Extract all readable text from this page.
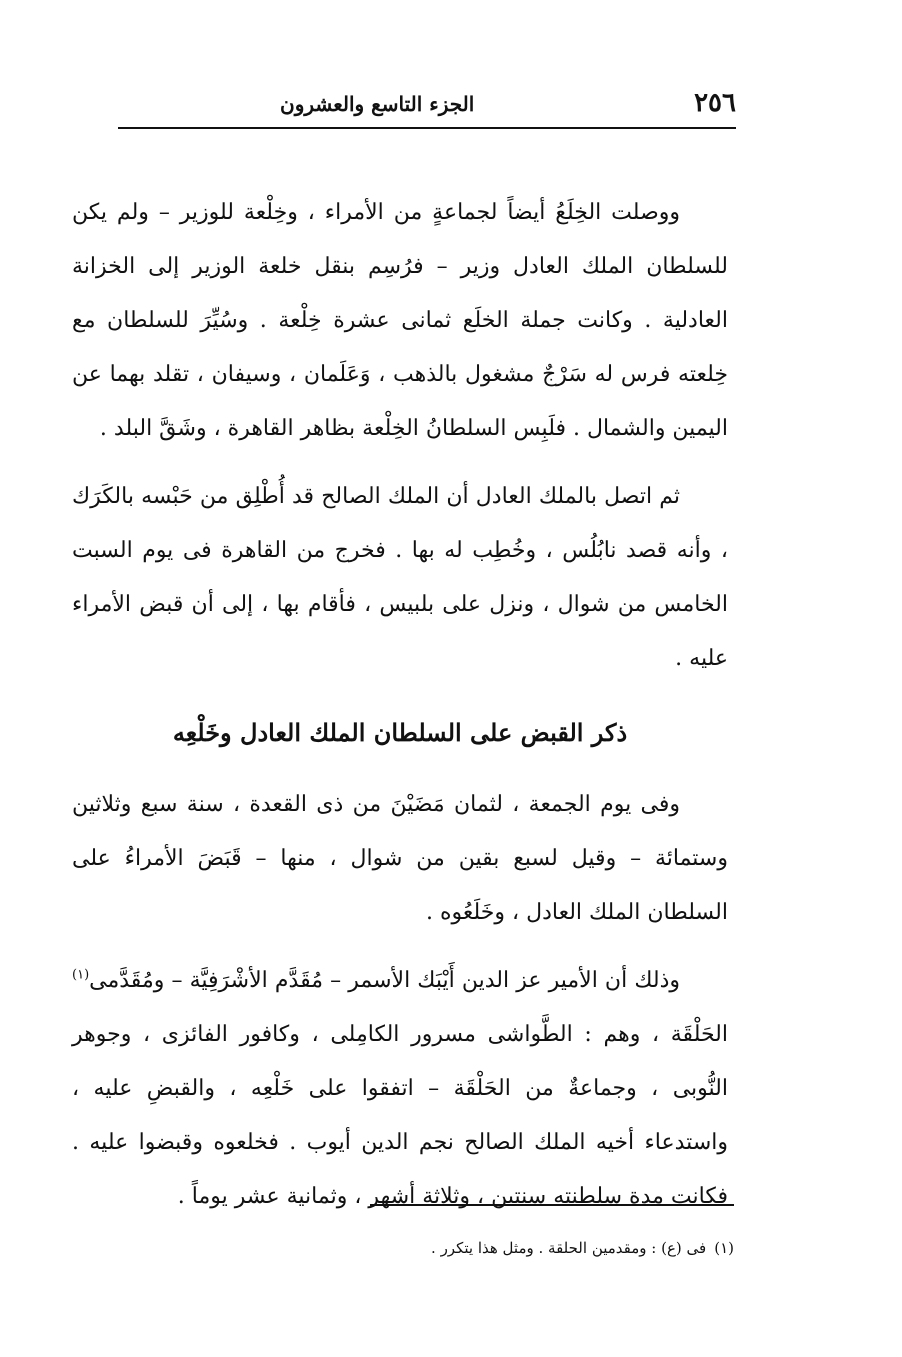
٢٥٦
الجزء التاسع والعشرون

ووصلت الخِلَعُ أيضاً لجماعةٍ من الأمراء ، وخِلْعة للوزير – ولم يكن للسلطان الملك العادل وزير – فرُسِم بنقل خلعة الوزير إلى الخزانة العادلية . وكانت جملة الخلَع ثمانى عشرة خِلْعة . وسُيِّرَ للسلطان مع خِلعته فرس له سَرْجٌ مشغول بالذهب ، وَعَلَمان ، وسيفان ، تقلد بهما عن اليمين والشمال . فلَبِس السلطانُ الخِلْعة بظاهر القاهرة ، وشَقَّ البلد .

ثم اتصل بالملك العادل أن الملك الصالح قد أُطْلِق من حَبْسه بالكَرَك ، وأنه قصد نابُلُس ، وخُطِب له بها . فخرج من القاهرة فى يوم السبت الخامس من شوال ، ونزل على بلبيس ، فأقام بها ، إلى أن قبض الأمراء عليه .

ذكر القبض على السلطان الملك العادل وخَلْعِه

وفى يوم الجمعة ، لثمان مَضَيْنَ من ذى القعدة ، سنة سبع وثلاثين وستمائة – وقيل لسبع بقين من شوال ، منها – قَبَضَ الأمراءُ على السلطان الملك العادل ، وخَلَعُوه .

وذلك أن الأمير عز الدين أَيْبَك الأسمر – مُقَدَّم الأشْرَفِيَّة – ومُقَدَّمى$^{(١)}$ الحَلْقَة ، وهم : الطَّواشى مسرور الكامِلى ، وكافور الفائزى ، وجوهر النُّوبى ، وجماعةٌ من الحَلْقَة – اتفقوا على خَلْعِه ، والقبضِ عليه ، واستدعاء أخيه الملك الصالح نجم الدين أيوب . فخلعوه وقبضوا عليه . فكانت مدة سلطنته سنتين ، وثلاثة أشهر ، وثمانية عشر يوماً .

(١)فى (ع) : ومقدمين الحلقة . ومثل هذا يتكرر .
